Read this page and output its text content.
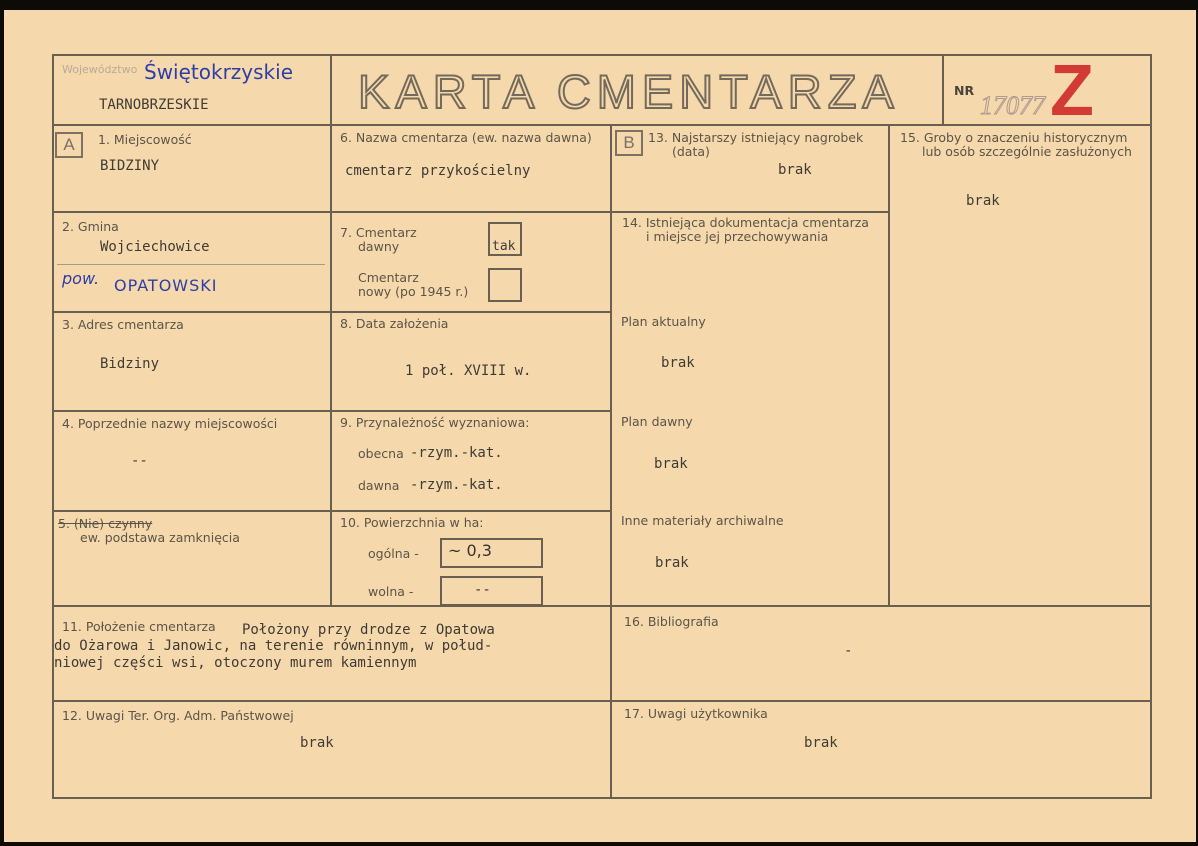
Województwo Świętokrzyskie
TARNOBRZESKIE	KARTA CMENTARZA	NR
17077 Z
A	B
1. Miejscowość
BIDZINY
6. Nazwa cmentarza (ew. nazwa dawna)
cmentarz przykościelny
13. Najstarszy istniejący nagrobek
(data)
brak
15. Groby o znaczeniu historycznym
lub osób szczególnie zasłużonych
brak
2. Gmina
Wojciechowice
pow. OPATOWSKI
7. Cmentarz
dawny	tak
Cmentarz
nowy (po 1945 r.)
14. Istniejąca dokumentacja cmentarza
i miejsce jej przechowywania
Plan aktualny
brak
Plan dawny
brak
Inne materiały archiwalne
brak
3. Adres cmentarza
Bidziny
8. Data założenia
1 poł. XVIII w.
4. Poprzednie nazwy miejscowości
--
9. Przynależność wyznaniowa:
obecna -rzym.-kat.
dawna -rzym.-kat.
5. (Nie) czynny
ew. podstawa zamknięcia
10. Powierzchnia w ha:
ogólna - ~ 0,3
wolna -	--
11. Położenie cmentarza Położony przy drodze z Opatowa
do Ożarowa i Janowic, na terenie równinnym, w połud-
niowej części wsi, otoczony murem kamiennym
16. Bibliografia
-
12. Uwagi Ter. Org. Adm. Państwowej
brak
17. Uwagi użytkownika
brak
